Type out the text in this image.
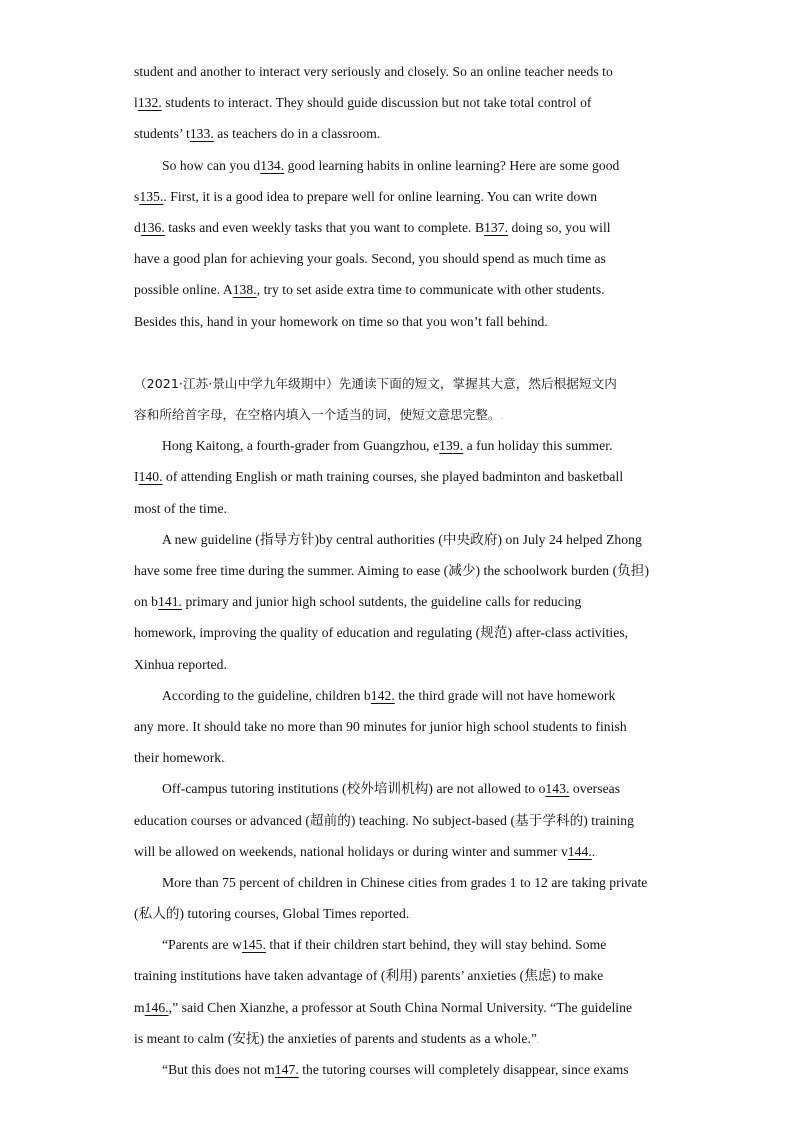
student and another to interact very seriously and closely. So an online teacher needs to
l132. students to interact. They should guide discussion but not take total control of
students’ t133. as teachers do in a classroom..
So how can you d134. good learning habits in online learning? Here are some good
s135.. First, it is a good idea to prepare well for online learning. You can write down
d136. tasks and even weekly tasks that you want to complete. B137. doing so, you will
have a good plan for achieving your goals. Second, you should spend as much time as
possible online. A138., try to set aside extra time to communicate with other students.
Besides this, hand in your homework on time so that you won’t fall behind..
（2021·江苏·景山中学九年级期中）先通读下面的短文，掌握其大意，然后根据短文内
容和所给首字母，在空格内填入一个适当的词，使短文意思完整。.
Hong Kaitong, a fourth-grader from Guangzhou, e139. a fun holiday this summer.
I140. of attending English or math training courses, she played badminton and basketball
most of the time..
A new guideline (指导方针)by central authorities (中央政府) on July 24 helped Zhong
have some free time during the summer. Aiming to ease (减少) the schoolwork burden (负担)
on b141. primary and junior high school sutdents, the guideline calls for reducing
homework, improving the quality of education and regulating (规范) after-class activities,
Xinhua reported..
According to the guideline, children b142. the third grade will not have homework
any more. It should take no more than 90 minutes for junior high school students to finish
their homework..
Off-campus tutoring institutions (校外培训机构) are not allowed to o143. overseas
education courses or advanced (超前的) teaching. No subject-based (基于学科的) training
will be allowed on weekends, national holidays or during winter and summer v144...
More than 75 percent of children in Chinese cities from grades 1 to 12 are taking private
(私人的) tutoring courses, Global Times reported..
“Parents are w145. that if their children start behind, they will stay behind. Some
training institutions have taken advantage of (利用) parents’ anxieties (焦虑) to make
m146.,” said Chen Xianzhe, a professor at South China Normal University. “The guideline
is meant to calm (安抚) the anxieties of parents and students as a whole.”.
“But this does not m147. the tutoring courses will completely disappear, since exams
